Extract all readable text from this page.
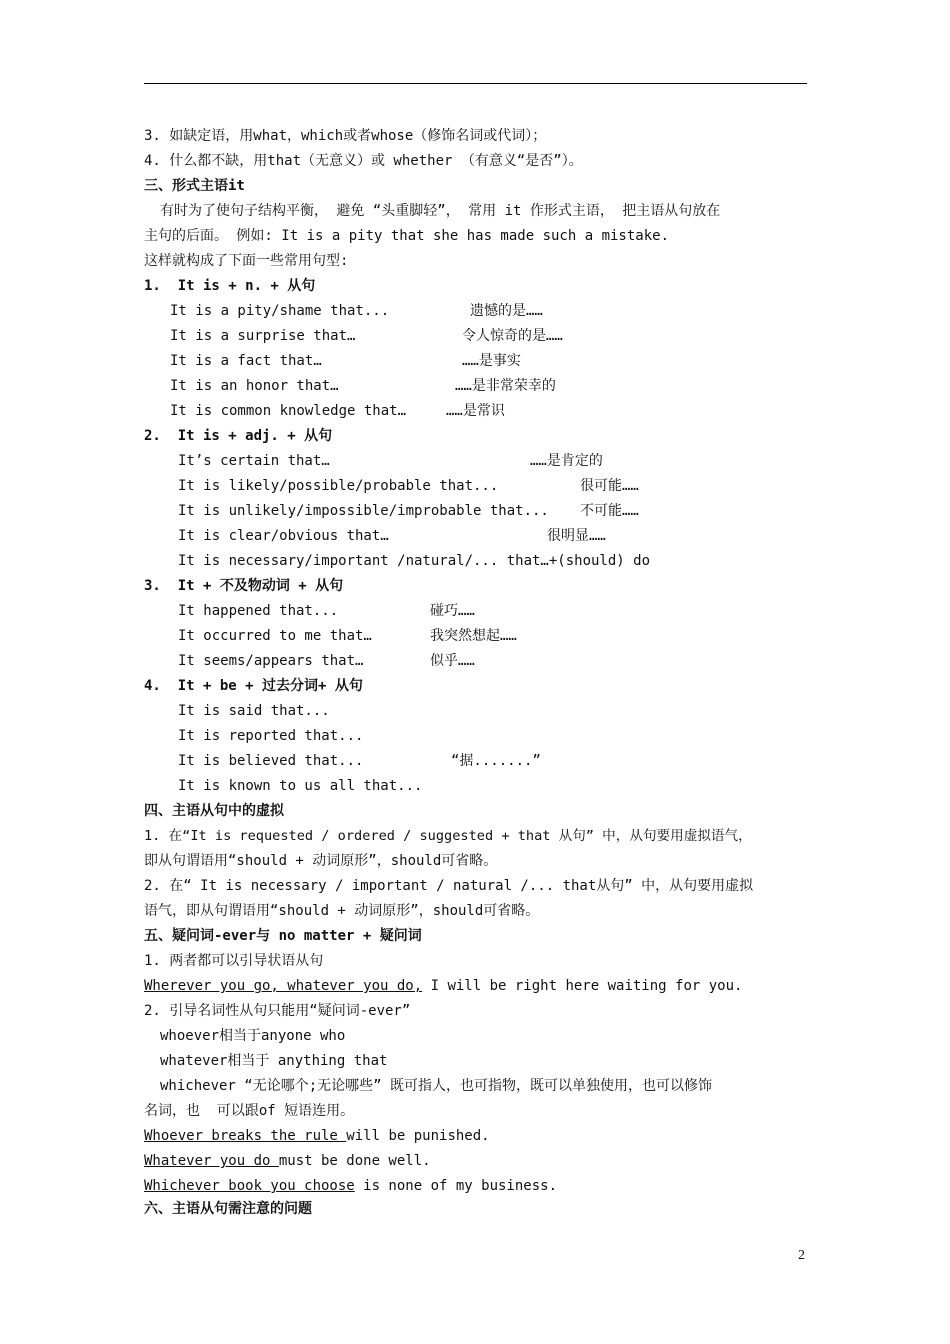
3. 如缺定语，用what，which或者whose（修饰名词或代词）；
4. 什么都不缺，用that（无意义）或 whether （有意义“是否”）。
三、形式主语it
有时为了使句子结构平衡， 避免 “头重脚轻”， 常用 it 作形式主语， 把主语从句放在
主句的后面。 例如: It is a pity that she has made such a mistake.
这样就构成了下面一些常用句型:
1.  It is + n. + 从句
It is a pity/shame that...	遗憾的是……
It is a surprise that…	令人惊奇的是……
It is a fact that…	……是事实
It is an honor that…	……是非常荣幸的
It is common knowledge that…	……是常识
2.  It is + adj. + 从句
It’s certain that…	……是肯定的
It is likely/possible/probable that...	很可能……
It is unlikely/impossible/improbable that... 不可能……
It is clear/obvious that…	很明显……
It is necessary/important /natural/... that…+(should) do
3.  It + 不及物动词 + 从句
It happened that...	碰巧……
It occurred to me that…	我突然想起……
It seems/appears that…	似乎……
4.  It + be + 过去分词+ 从句
It is said that...
It is reported that...
It is believed that...	“据.......”
It is known to us all that...
四、主语从句中的虚拟
1. 在“It is requested / ordered / suggested + that 从句” 中，从句要用虚拟语气，
即从句谓语用“should + 动词原形”，should可省略。
2. 在“ It is necessary / important / natural /... that从句” 中，从句要用虚拟
语气，即从句谓语用“should + 动词原形”，should可省略。
五、疑问词-ever与 no matter + 疑问词
1. 两者都可以引导状语从句
Wherever you go, whatever you do, I will be right here waiting for you.
2. 引导名词性从句只能用“疑问词-ever”
whoever相当于anyone who
whatever相当于 anything that
whichever “无论哪个;无论哪些” 既可指人，也可指物，既可以单独使用，也可以修饰
名词，也  可以跟of 短语连用。
Whoever breaks the rule will be punished.
Whatever you do must be done well.
Whichever book you choose is none of my business.
六、主语从句需注意的问题
2
